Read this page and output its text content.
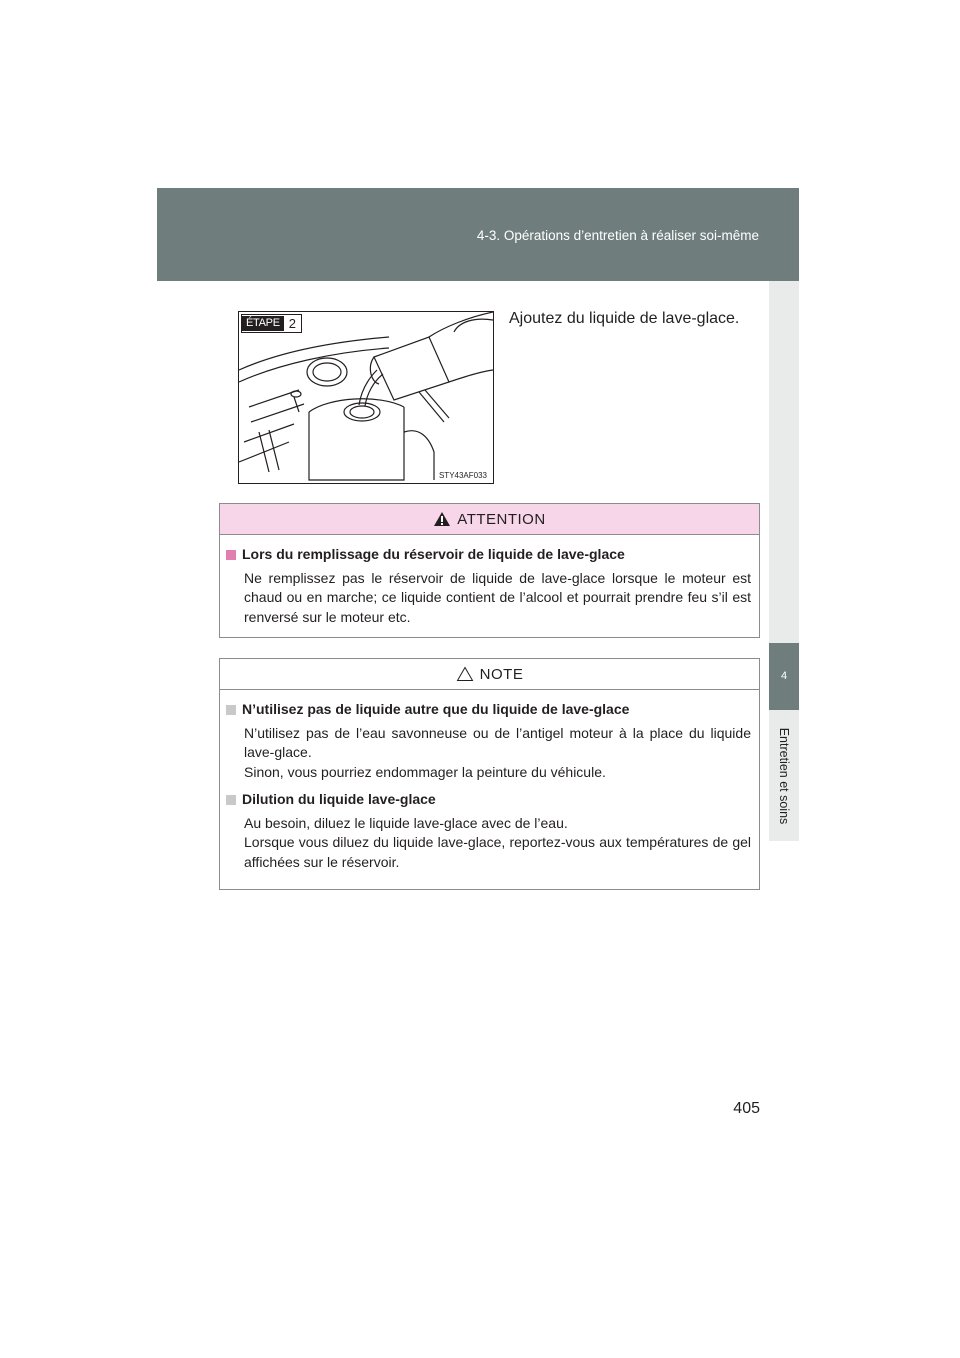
4-3. Opérations d’entretien à réaliser soi-même
4
Entretien et soins
ÉTAPE 2
STY43AF033
Ajoutez du liquide de lave-glace.
ATTENTION
Lors du remplissage du réservoir de liquide de lave-glace
Ne remplissez pas le réservoir de liquide de lave-glace lorsque le moteur est chaud ou en marche; ce liquide contient de l’alcool et pourrait prendre feu s’il est renversé sur le moteur etc.
NOTE
N’utilisez pas de liquide autre que du liquide de lave-glace
N’utilisez pas de l’eau savonneuse ou de l’antigel moteur à la place du liquide lave-glace.
Sinon, vous pourriez endommager la peinture du véhicule.
Dilution du liquide lave-glace
Au besoin, diluez le liquide lave-glace avec de l’eau.
Lorsque vous diluez du liquide lave-glace, reportez-vous aux températures de gel affichées sur le réservoir.
405
